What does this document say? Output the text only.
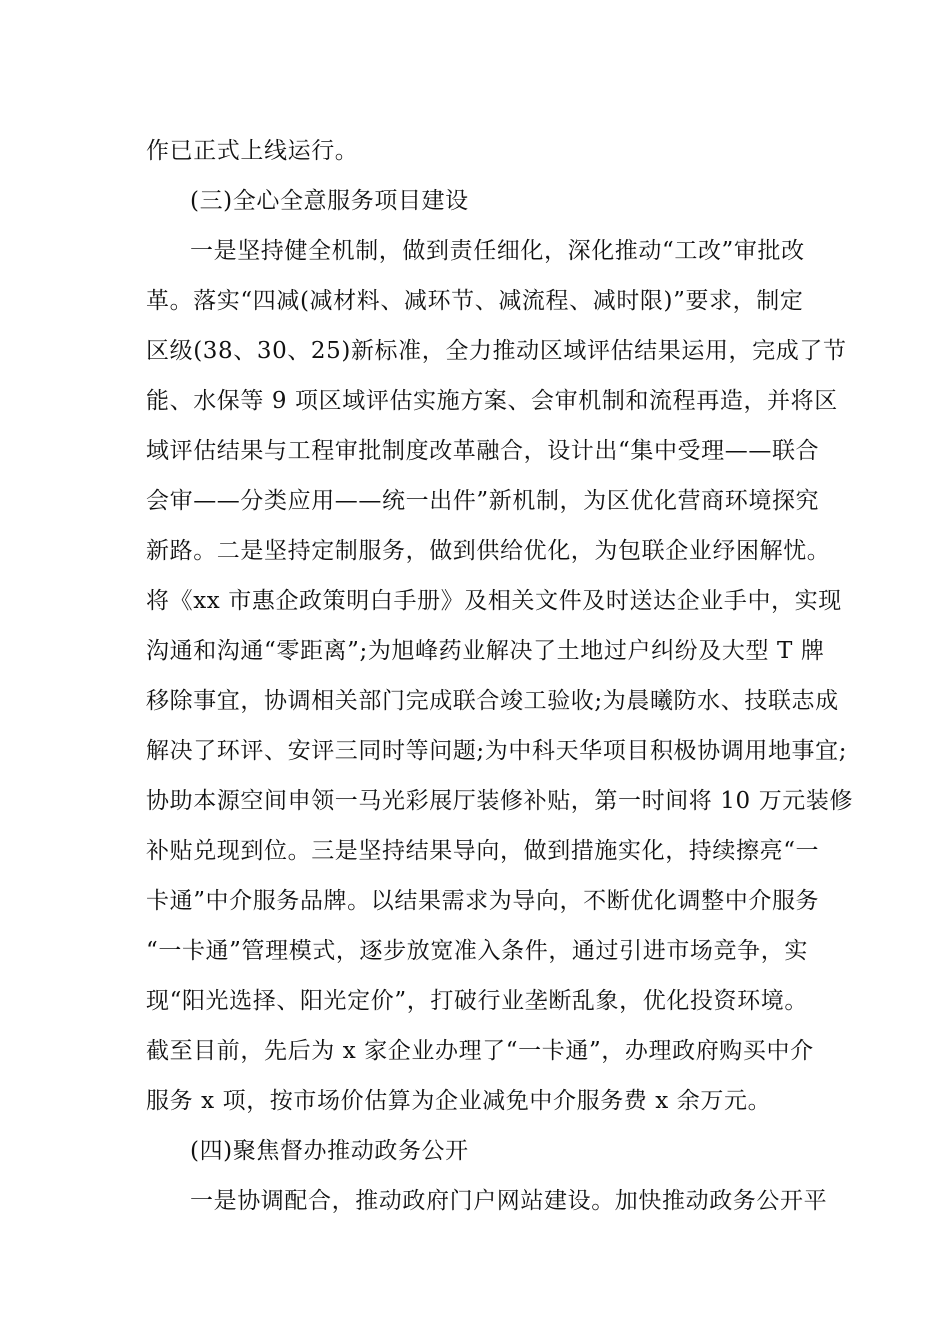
作已正式上线运行。
(三)全心全意服务项目建设
一是坚持健全机制，做到责任细化，深化推动“工改”审批改
革。落实“四减(减材料、减环节、减流程、减时限)”要求，制定
区级(38、30、25)新标准，全力推动区域评估结果运用，完成了节
能、水保等 9 项区域评估实施方案、会审机制和流程再造，并将区
域评估结果与工程审批制度改革融合，设计出“集中受理——联合
会审——分类应用——统一出件”新机制，为区优化营商环境探究
新路。二是坚持定制服务，做到供给优化，为包联企业纾困解忧。
将《xx 市惠企政策明白手册》及相关文件及时送达企业手中，实现
沟通和沟通“零距离”;为旭峰药业解决了土地过户纠纷及大型 T 牌
移除事宜，协调相关部门完成联合竣工验收;为晨曦防水、技联志成
解决了环评、安评三同时等问题;为中科天华项目积极协调用地事宜;
协助本源空间申领一马光彩展厅装修补贴，第一时间将 10 万元装修
补贴兑现到位。三是坚持结果导向，做到措施实化，持续擦亮“一
卡通”中介服务品牌。以结果需求为导向，不断优化调整中介服务
“一卡通”管理模式，逐步放宽准入条件，通过引进市场竞争，实
现“阳光选择、阳光定价”，打破行业垄断乱象，优化投资环境。
截至目前，先后为 x 家企业办理了“一卡通”，办理政府购买中介
服务 x 项，按市场价估算为企业减免中介服务费 x 余万元。
(四)聚焦督办推动政务公开
一是协调配合，推动政府门户网站建设。加快推动政务公开平
